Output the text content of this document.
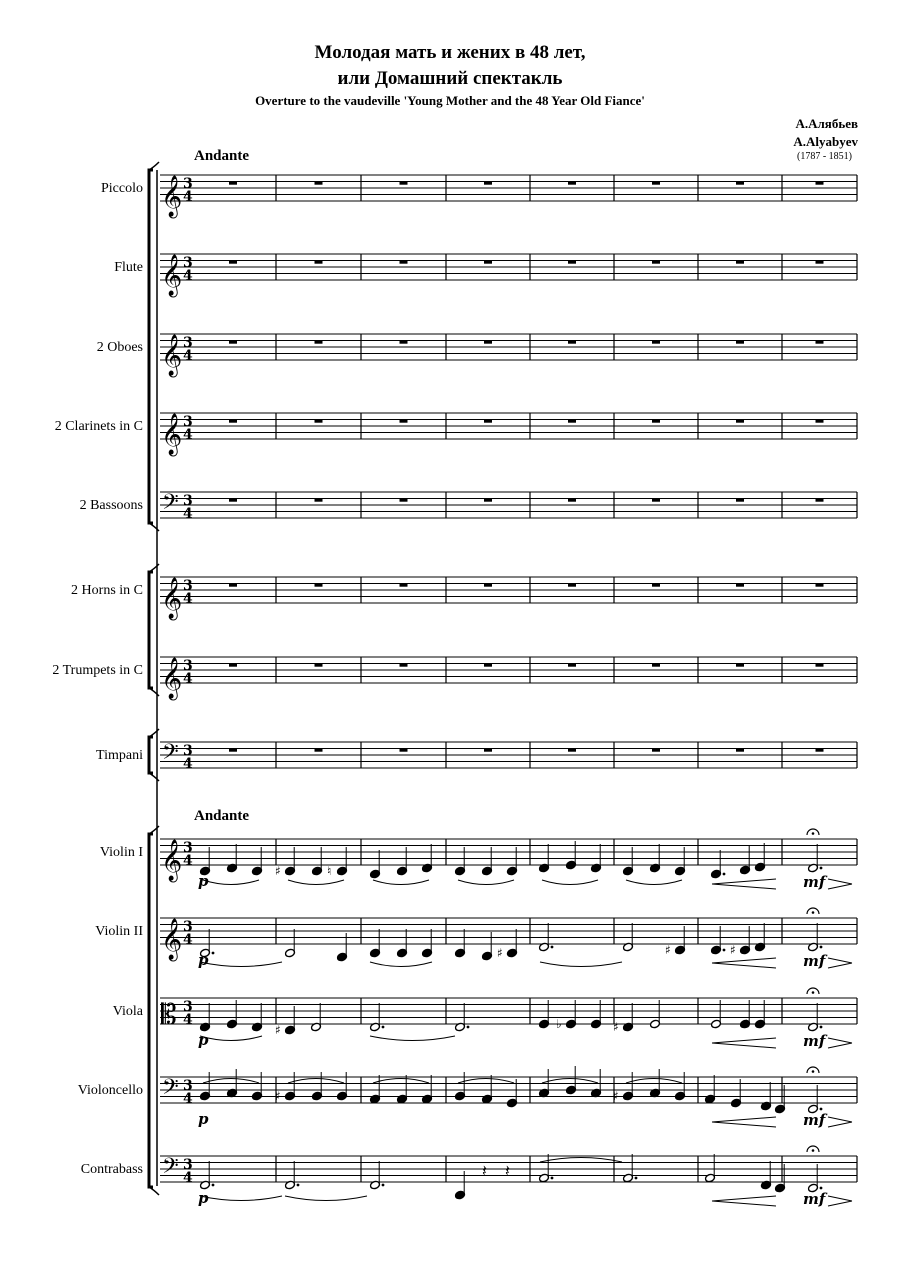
Молодая мать и жених в 48 лет,
или Домашний спектакль
Overture to the vaudeville 'Young Mother and the 48 Year Old Fiance'
А.Алябьев
A.Alyabyev
(1787 - 1851)
Andante
Andante
Piccolo
Flute
2 Oboes
2 Clarinets in C
2 Bassoons
2 Horns in C
2 Trumpets in C
Timpani
Violin I
Violin II
Viola
Violoncello
Contrabass
𝄞 3
4
𝄞 3
4
𝄞 3
4
𝄞 3
4
𝄢 3
4
𝄞 3
4
𝄞 3
4
𝄢 3
4
𝄞 3
4
𝄞 3
4
𝄡 3
4
𝄢 3
4
𝄢 3
4
♯	♮
p	mf
♯	♯	♯
p	mf
♯	♭	♯	♭
p	mf
♯	♯
p	mf
𝄽 𝄽
p	mf
